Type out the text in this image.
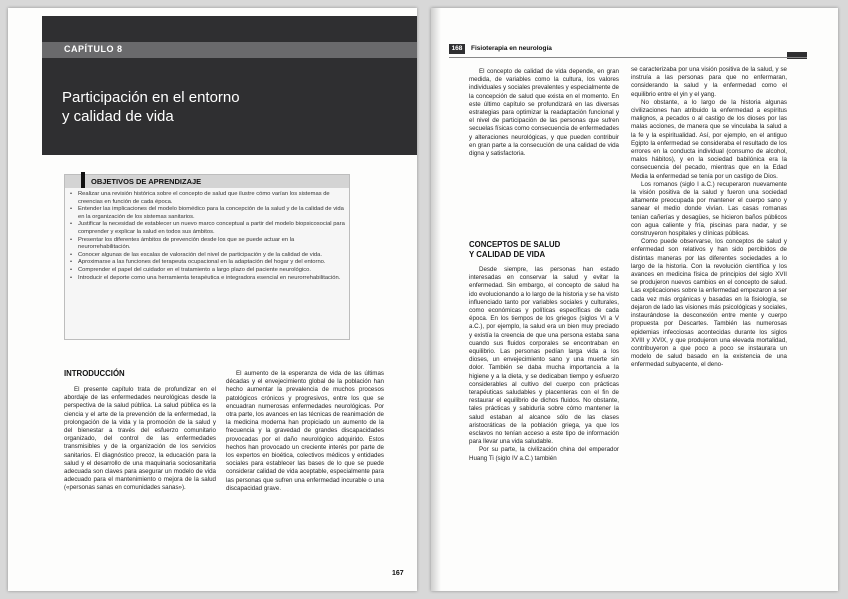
CAPÍTULO 8
Participación en el entorno
y calidad de vida
OBJETIVOS DE APRENDIZAJE
• Realizar una revisión histórica sobre el concepto de salud que ilustre cómo varían los sistemas de creencias en función de cada época.
• Entender las implicaciones del modelo biomédico para la concepción de la salud y de la calidad de vida en la organización de los sistemas sanitarios.
• Justificar la necesidad de establecer un nuevo marco conceptual a partir del modelo biopsicosocial para comprender y explicar la salud en todos sus ámbitos.
• Presentar los diferentes ámbitos de prevención desde los que se puede actuar en la neurorrehabilitación.
• Conocer algunas de las escalas de valoración del nivel de participación y de la calidad de vida.
• Aproximarse a las funciones del terapeuta ocupacional en la adaptación del hogar y del entorno.
• Comprender el papel del cuidador en el tratamiento a largo plazo del paciente neurológico.
• Introducir el deporte como una herramienta terapéutica e integradora esencial en neurorrehabilitación.
INTRODUCCIÓN

El presente capítulo trata de profundizar en el abordaje de las enfermedades neurológicas desde la perspectiva de la salud pública. La salud pública es la ciencia y el arte de la prevención de la enfermedad, la prolongación de la vida y la promoción de la salud y del bienestar a través del esfuerzo comunitario organizado, del control de las enfermedades transmisibles y de la organización de los servicios sanitarios. El diagnóstico precoz, la educación para la salud y el desarrollo de una maquinaria sociosanitaria adecuada son claves para asegurar un modelo de vida adecuado para el mantenimiento o mejora de la salud («personas sanas en comunidades sanas»).

El aumento de la esperanza de vida de las últimas décadas y el envejecimiento global de la población han hecho aumentar la prevalencia de muchos procesos patológicos crónicos y progresivos, entre los que se encuadran numerosas enfermedades neurológicas. Por otra parte, los avances en las técnicas de reanimación de la medicina moderna han propiciado un aumento de la frecuencia y la gravedad de grandes discapacidades provocadas por el daño neurológico adquirido. Estos hechos han provocado un creciente interés por parte de los expertos en bioética, colectivos médicos y entidades sociales para establecer las bases de lo que se puede considerar calidad de vida aceptable, especialmente para las personas que sufren una enfermedad incurable o una discapacidad grave.

167
168	Fisioterapia en neurología

El concepto de calidad de vida depende, en gran medida, de variables como la cultura, los valores individuales y sociales prevalentes y especialmente de la concepción de salud que exista en el momento. En este último capítulo se profundizará en las diversas estrategias para optimizar la readaptación funcional y el nivel de participación de las personas que sufren secuelas físicas como consecuencia de enfermedades y alteraciones neurológicas, y que pueden contribuir en gran parte a la consecución de una calidad de vida digna y satisfactoria.

CONCEPTOS DE SALUD
Y CALIDAD DE VIDA

Desde siempre, las personas han estado interesadas en conservar la salud y evitar la enfermedad. Sin embargo, el concepto de salud ha ido evolucionando a lo largo de la historia y se ha visto influenciado tanto por variables sociales y culturales, como económicas y políticas específicas de cada época. En los tiempos de los griegos (siglos VI a V a.C.), por ejemplo, la salud era un bien muy preciado y existía la creencia de que una persona estaba sana cuando sus fluidos corporales se encontraban en equilibrio. Las personas pedían larga vida a los dioses, un envejecimiento sano y una muerte sin dolor. También se daba mucha importancia a la higiene y a la dieta, y se dedicaban tiempo y esfuerzo considerables al cultivo del cuerpo con prácticas terapéuticas saludables y placenteras con el fin de restaurar el equilibrio de dichos fluidos. No obstante, tales prácticas y sabiduría sobre cómo mantener la salud estaban al alcance sólo de las clases aristocráticas de la población griega, ya que los esclavos no tenían acceso a este tipo de información para llevar una vida saludable.

Por su parte, la civilización china del emperador Huang Ti (siglo IV a.C.) también

se caracterizaba por una visión positiva de la salud, y se instruía a las personas para que no enfermaran, considerando la salud y la enfermedad como el equilibrio entre el yin y el yang.

No obstante, a lo largo de la historia algunas civilizaciones han atribuido la enfermedad a espíritus malignos, a pecados o al castigo de los dioses por las malas acciones, de manera que se vinculaba la salud a la fe y la espiritualidad. Así, por ejemplo, en el antiguo Egipto la enfermedad se consideraba el resultado de los errores en la conducta individual (consumo de alcohol, malos hábitos), y en la sociedad babilónica era la consecuencia del pecado, mientras que en la Edad Media la enfermedad se tenía por un castigo de Dios.

Los romanos (siglo I a.C.) recuperaron nuevamente la visión positiva de la salud y fueron una sociedad altamente preocupada por mantener el cuerpo sano y sanear el medio donde vivían. Las casas romanas tenían cañerías y desagües, se hicieron baños públicos con agua caliente y fría, piscinas para nadar, y se construyeron hospitales y clínicas públicas.

Como puede observarse, los conceptos de salud y enfermedad son relativos y han sido percibidos de distintas maneras por las diferentes sociedades a lo largo de la historia. Con la revolución científica y los avances en medicina física de principios del siglo XVII se produjeron nuevos cambios en el concepto de salud. Las explicaciones sobre la enfermedad empezaron a ser cada vez más orgánicas y basadas en la fisiología, se dejaron de lado las visiones más psicológicas y sociales, instaurándose la desconexión entre mente y cuerpo propuesta por Descartes. También las numerosas epidemias infecciosas acontecidas durante los siglos XVIII y XVIX, y que produjeron una elevada mortalidad, contribuyeron a que poco a poco se instaurara un modelo de salud basado en la existencia de una enfermedad subyacente, el deno-
